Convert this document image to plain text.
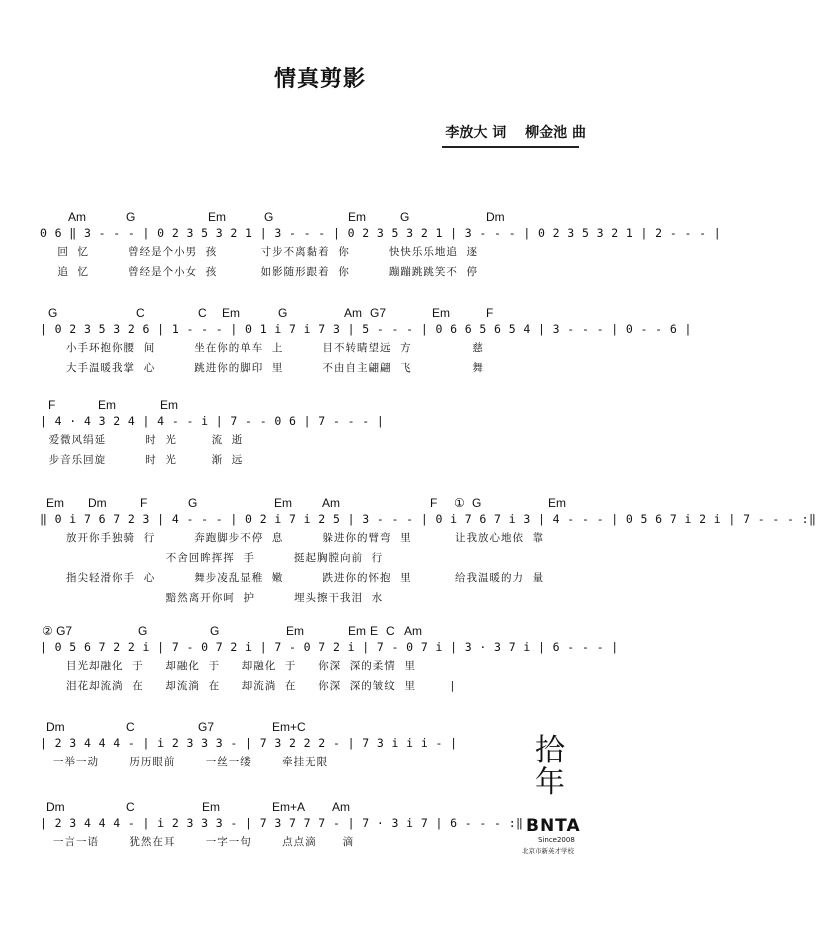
情真剪影
李放大 词 柳金池 曲
Am	G	Em	G	Em	G	Dm
0 6 ‖ 3 - - - | 0 2 3 5 3 2 1 | 3 - - - | 0 2 3 5 3 2 1 | 3 - - - | 0 2 3 5 3 2 1 | 2 - - - |
回  忆         曾经是个小男  孩          寸步不离黏着  你         快快乐乐地追  逐
追  忆         曾经是个小女  孩          如影随形跟着  你         蹦蹦跳跳笑不  停
G	C	C Em	G	Am G7	Em	F
| 0 2 3 5 3 2 6 | 1 - - - | 0 1 i 7 i 7 3 | 5 - - - | 0 6 6 5 6 5 4 | 3 - - - | 0 - - 6 |
小手环抱你腰  间         坐在你的单车  上         目不转睛望远  方              慈
大手温暖我掌  心         跳进你的脚印  里         不由自主翩翩  飞              舞
F	Em	Em
| 4 · 4 3 2 4 | 4 - - i | 7 - - 0 6 | 7 - - - |
爱微风绢延         时  光        流  逝
步音乐回旋         时  光        渐  远
Em Dm	F	G	Em	Am	F ① G	Em
‖ 0 i 7 6 7 2 3 | 4 - - - | 0 2 i 7 i 2 5 | 3 - - - | 0 i 7 6 7 i 3 | 4 - - - | 0 5 6 7 i 2 i | 7 - - - :‖
放开你手独骑  行         奔跑脚步不停  息         躲进你的臂弯  里          让我放心地依  靠
不舍回眸挥挥  手         挺起胸膛向前  行
指尖轻滑你手  心         舞步凌乱显稚  嫩         跌进你的怀抱  里          给我温暖的力  量
黯然离开你呵  护         埋头擦干我泪  水
② G7	G	G	Em	Em E C Am
| 0 5 6 7 2 2 i | 7 - 0 7 2 i | 7 - 0 7 2 i | 7 - 0 7 i | 3 · 3 7 i | 6 - - - |
目光却融化  于     却融化  于     却融化  于     你深  深的柔情  里
泪花却流淌  在     却流淌  在     却流淌  在     你深  深的皱纹  里        |
Dm	C	G7	Em+C
| 2 3 4 4 4 - | i 2 3 3 3 - | 7 3 2 2 2 - | 7 3 i i i - |
一举一动       历历眼前       一丝一缕       牵挂无限
Dm	C	Em	Em+A Am
| 2 3 4 4 4 - | i 2 3 3 3 - | 7 3 7 7 7 - | 7 · 3 i 7 | 6 - - - :‖
一言一语       犹然在耳       一字一句       点点滴      滴
拾
年
BNTA
Since2008
北京市新英才学校
